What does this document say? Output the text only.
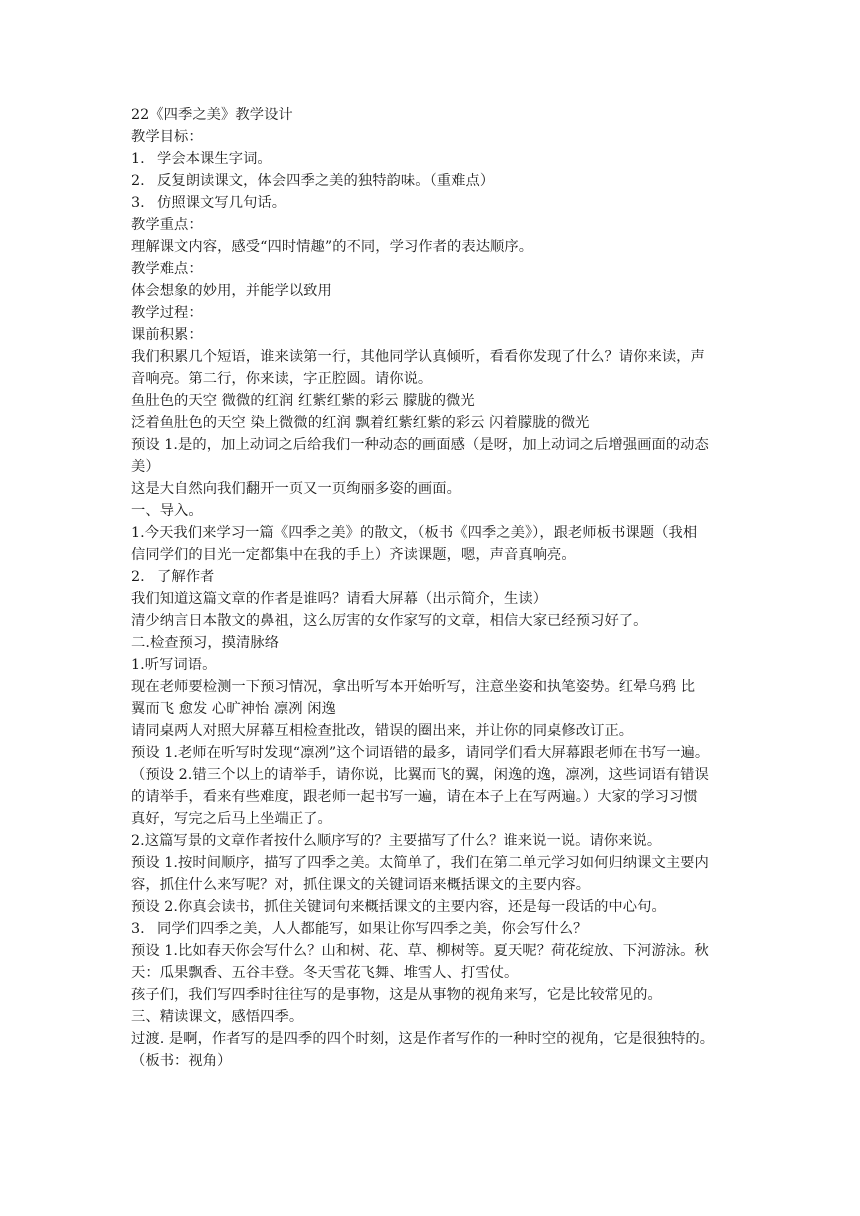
22《四季之美》教学设计
教学目标：
1. 学会本课生字词。
2. 反复朗读课文，体会四季之美的独特韵味。（重难点）
3. 仿照课文写几句话。
教学重点：
理解课文内容，感受“四时情趣”的不同，学习作者的表达顺序。
教学难点：
体会想象的妙用，并能学以致用
教学过程：
课前积累：
我们积累几个短语，谁来读第一行，其他同学认真倾听，看看你发现了什么？请你来读，声
音响亮。第二行，你来读，字正腔圆。请你说。
鱼肚色的天空 微微的红润 红紫红紫的彩云 朦胧的微光
泛着鱼肚色的天空 染上微微的红润 飘着红紫红紫的彩云 闪着朦胧的微光
预设 1.是的，加上动词之后给我们一种动态的画面感（是呀，加上动词之后增强画面的动态
美）
这是大自然向我们翻开一页又一页绚丽多姿的画面。
一、导入。
1.今天我们来学习一篇《四季之美》的散文，（板书《四季之美》），跟老师板书课题（我相
信同学们的目光一定都集中在我的手上）齐读课题，嗯，声音真响亮。
2. 了解作者
我们知道这篇文章的作者是谁吗？请看大屏幕（出示简介，生读）
清少纳言日本散文的鼻祖，这么厉害的女作家写的文章，相信大家已经预习好了。
二.检查预习，摸清脉络
1.听写词语。
现在老师要检测一下预习情况，拿出听写本开始听写，注意坐姿和执笔姿势。红晕乌鸦 比
翼而飞 愈发 心旷神怡 凛冽 闲逸
请同桌两人对照大屏幕互相检查批改，错误的圈出来，并让你的同桌修改订正。
预设 1.老师在听写时发现“凛冽”这个词语错的最多，请同学们看大屏幕跟老师在书写一遍。
（预设 2.错三个以上的请举手，请你说，比翼而飞的翼，闲逸的逸，凛冽，这些词语有错误
的请举手，看来有些难度，跟老师一起书写一遍，请在本子上在写两遍。）大家的学习习惯
真好，写完之后马上坐端正了。
2.这篇写景的文章作者按什么顺序写的？主要描写了什么？谁来说一说。请你来说。
预设 1.按时间顺序，描写了四季之美。太简单了，我们在第二单元学习如何归纳课文主要内
容，抓住什么来写呢？对，抓住课文的关键词语来概括课文的主要内容。
预设 2.你真会读书，抓住关键词句来概括课文的主要内容，还是每一段话的中心句。
3. 同学们四季之美，人人都能写，如果让你写四季之美，你会写什么？
预设 1.比如春天你会写什么？山和树、花、草、柳树等。夏天呢？荷花绽放、下河游泳。秋
天：瓜果飘香、五谷丰登。冬天雪花飞舞、堆雪人、打雪仗。
孩子们，我们写四季时往往写的是事物，这是从事物的视角来写，它是比较常见的。
三、精读课文，感悟四季。
过渡. 是啊，作者写的是四季的四个时刻，这是作者写作的一种时空的视角，它是很独特的。
（板书：视角）
